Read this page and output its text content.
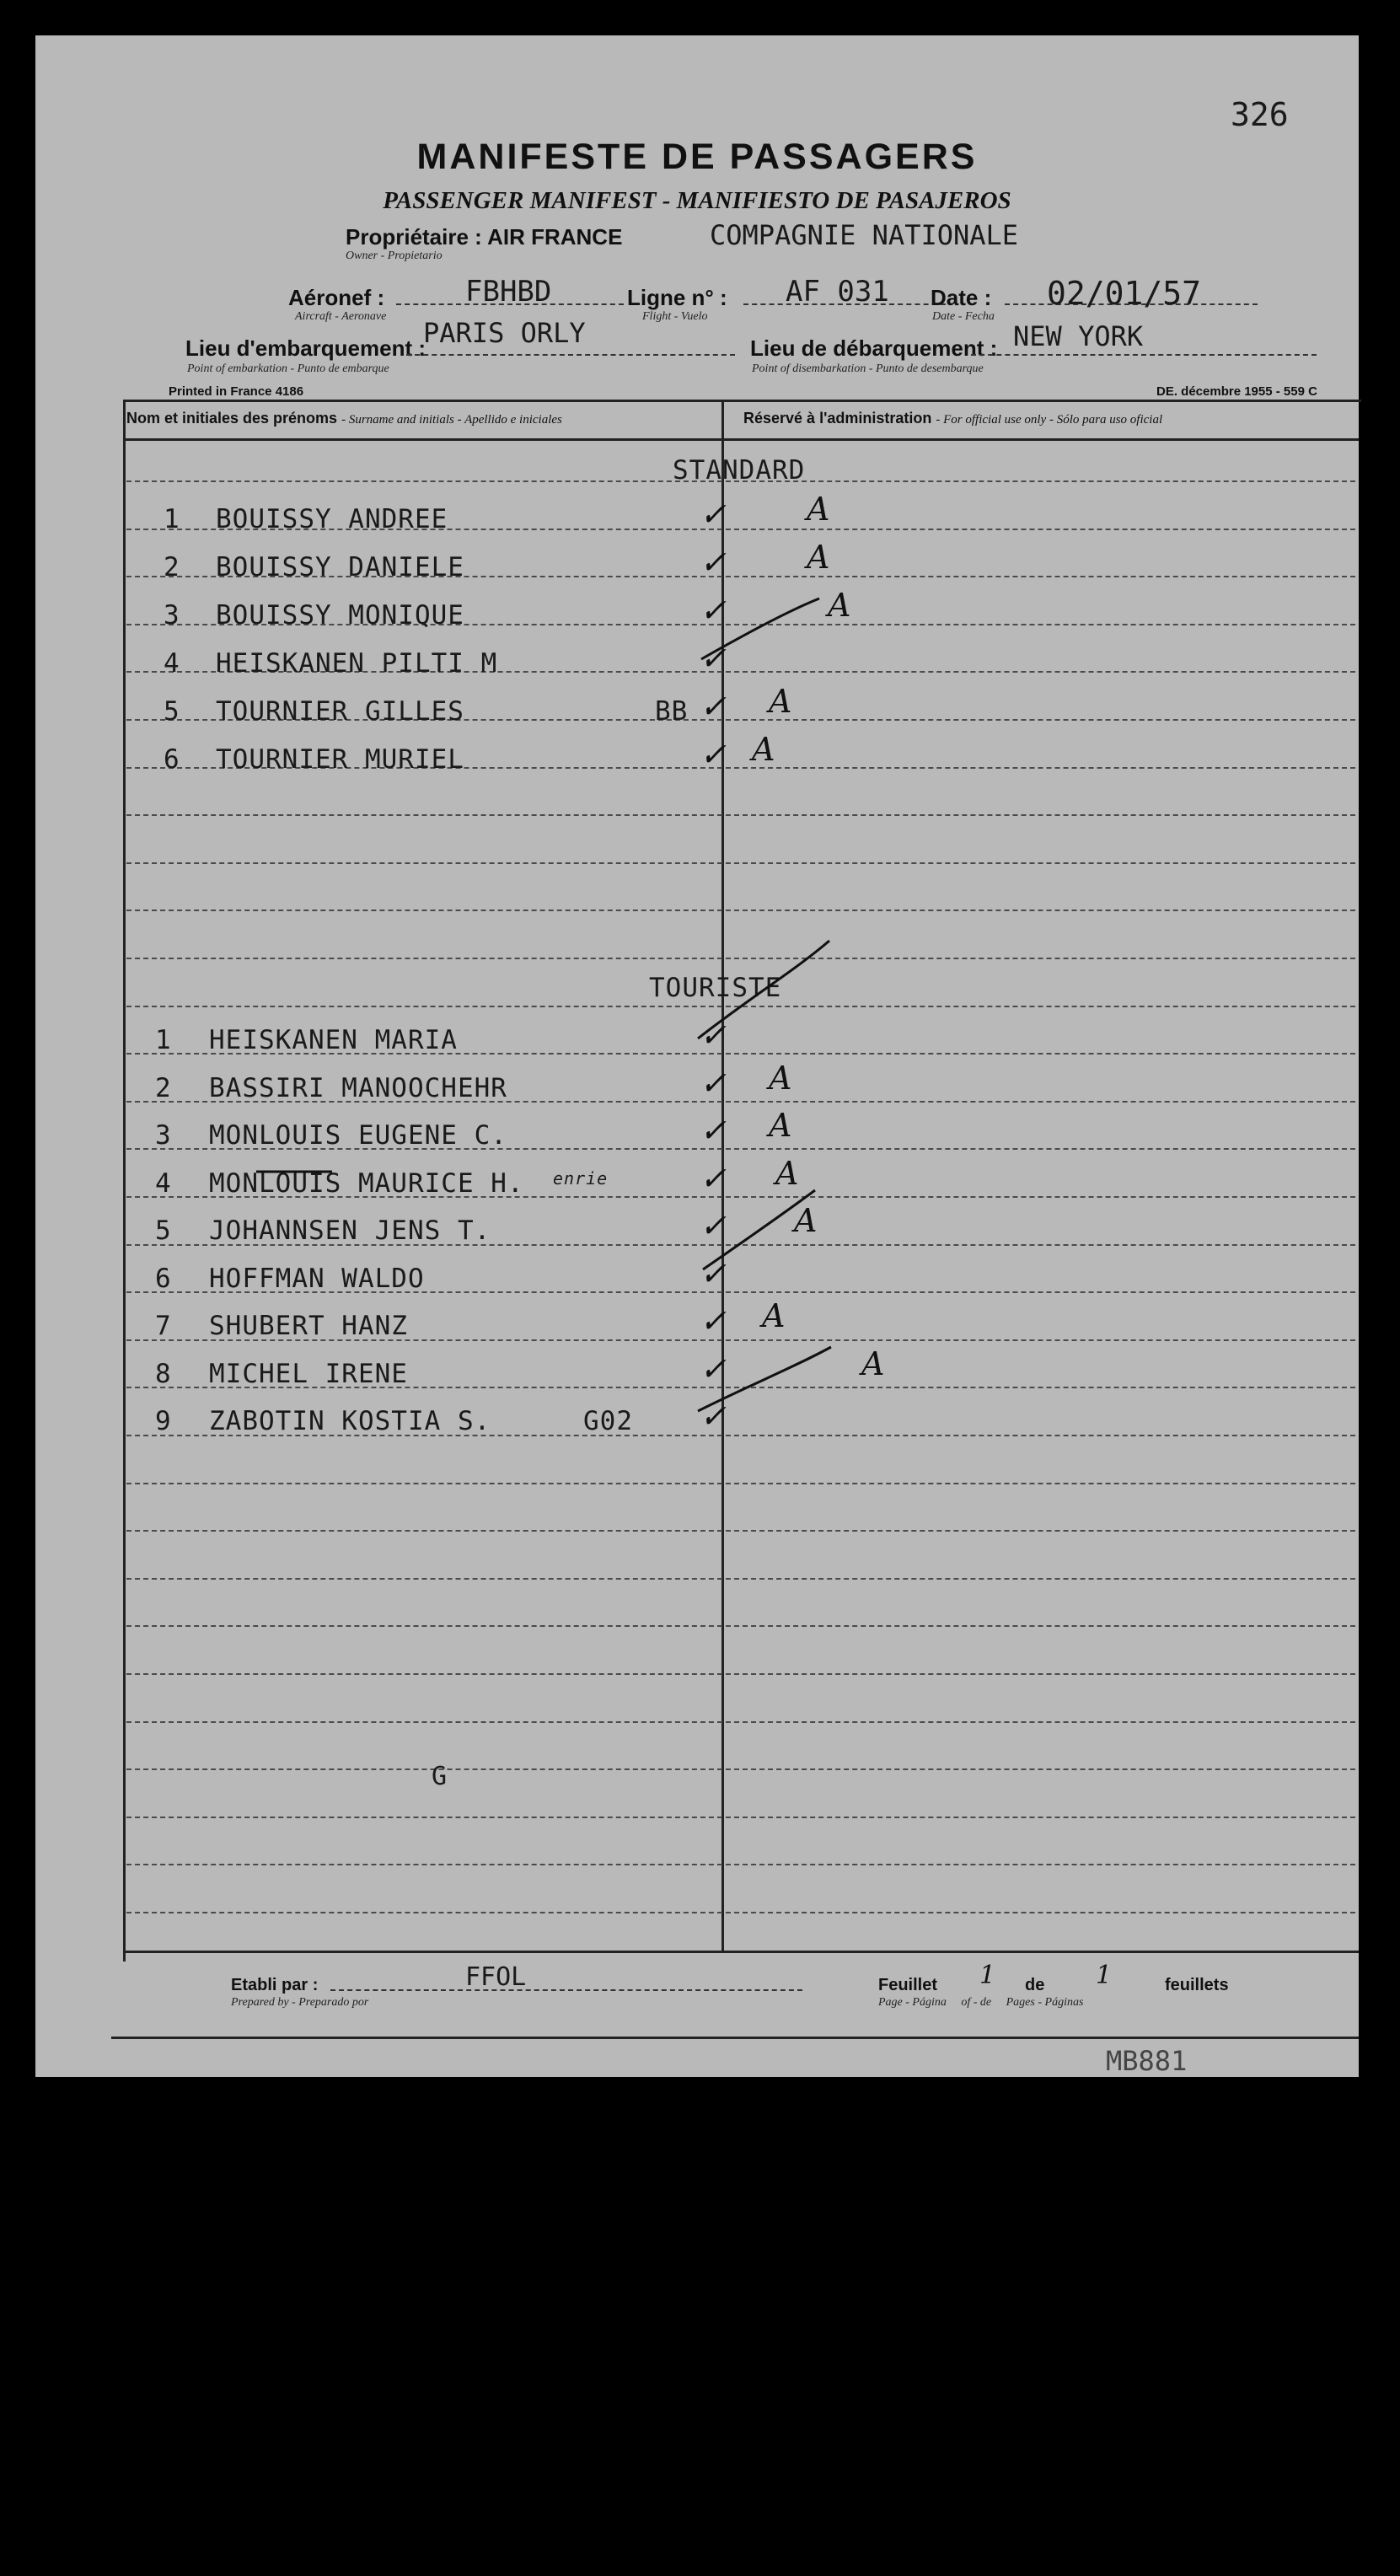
326
MANIFESTE DE PASSAGERS
PASSENGER MANIFEST - MANIFIESTO DE PASAJEROS
Propriétaire : AIR FRANCE
Owner - Propietario
COMPAGNIE NATIONALE
Aéronef :
Aircraft - Aeronave
FBHBD	Ligne n° :
Flight - Vuelo
AF 031 Date :
Date - Fecha
02/01/57
Lieu d'embarquement :
Point of embarkation - Punto de embarque
PARIS ORLY	Lieu de débarquement :
Point of disembarkation - Punto de desembarque
NEW YORK
Printed in France 4186	DE. décembre 1955 - 559 C
Nom et initiales des prénoms - Surname and initials - Apellido e iniciales	Réservé à l'administration - For official use only - Sólo para uso oficial
STANDARD
TOURISTE
1 BOUISSY ANDREE	✓	A
2 BOUISSY DANIELE	✓	A
3 BOUISSY MONIQUE	✓	A
4 HEISKANEN PILTI M	✓
5 TOURNIER GILLES	BB ✓ A
6 TOURNIER MURIEL	✓ A
1 HEISKANEN MARIA	✓
2 BASSIRI MANOOCHEHR	✓ A
3 MONLOUIS EUGENE C.	✓ A
4 MONLOUIS MAURICE H. enrie	✓ A
5 JOHANNSEN JENS T.	✓ A
6 HOFFMAN WALDO	✓
7 SHUBERT HANZ	✓ A
8 MICHEL IRENE	✓	A
9 ZABOTIN KOSTIA S.	G02 ✓
G
Etabli par :
Prepared by - Preparado por
FFOL	Feuillet 1 de 1	feuillets
Page - Página     of - de     Pages - Páginas
MB881
